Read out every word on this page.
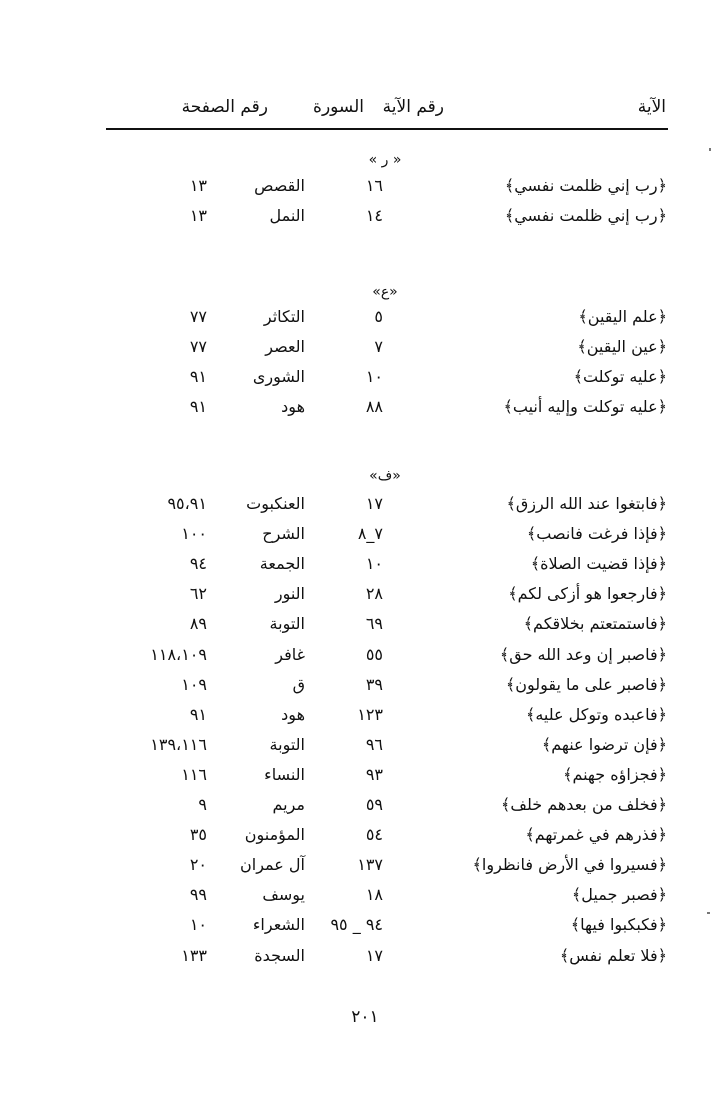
الآية
رقم الآية
السورة
رقم الصفحة
« ر »
﴿رب إني ظلمت نفسي﴾
١٦
القصص
١٣
﴿رب إني ظلمت نفسي﴾
١٤
النمل
١٣
«ع»
﴿علم اليقين﴾
٥
التكاثر
٧٧
﴿عين اليقين﴾
٧
العصر
٧٧
﴿عليه توكلت﴾
١٠
الشورى
٩١
﴿عليه توكلت وإليه أنيب﴾
٨٨
هود
٩١
«ف»
﴿فابتغوا عند الله الرزق﴾
١٧
العنكبوت
٩٥،٩١
﴿فإذا فرغت فانصب﴾
٧_٨
الشرح
١٠٠
﴿فإذا قضيت الصلاة﴾
١٠
الجمعة
٩٤
﴿فارجعوا هو أزكى لكم﴾
٢٨
النور
٦٢
﴿فاستمتعتم بخلاقكم﴾
٦٩
التوبة
٨٩
﴿فاصبر إن وعد الله حق﴾
٥٥
غافر
١١٨،١٠٩
﴿فاصبر على ما يقولون﴾
٣٩
ق
١٠٩
﴿فاعبده وتوكل عليه﴾
١٢٣
هود
٩١
﴿فإن ترضوا عنهم﴾
٩٦
التوبة
١٣٩،١١٦
﴿فجزاؤه جهنم﴾
٩٣
النساء
١١٦
﴿فخلف من بعدهم خلف﴾
٥٩
مريم
٩
﴿فذرهم في غمرتهم﴾
٥٤
المؤمنون
٣٥
﴿فسيروا في الأرض فانظروا﴾
١٣٧
آل عمران
٢٠
﴿فصبر جميل﴾
١٨
يوسف
٩٩
﴿فكبكبوا فيها﴾
٩٤ _ ٩٥
الشعراء
١٠
﴿فلا تعلم نفس﴾
١٧
السجدة
١٣٣
٢٠١
